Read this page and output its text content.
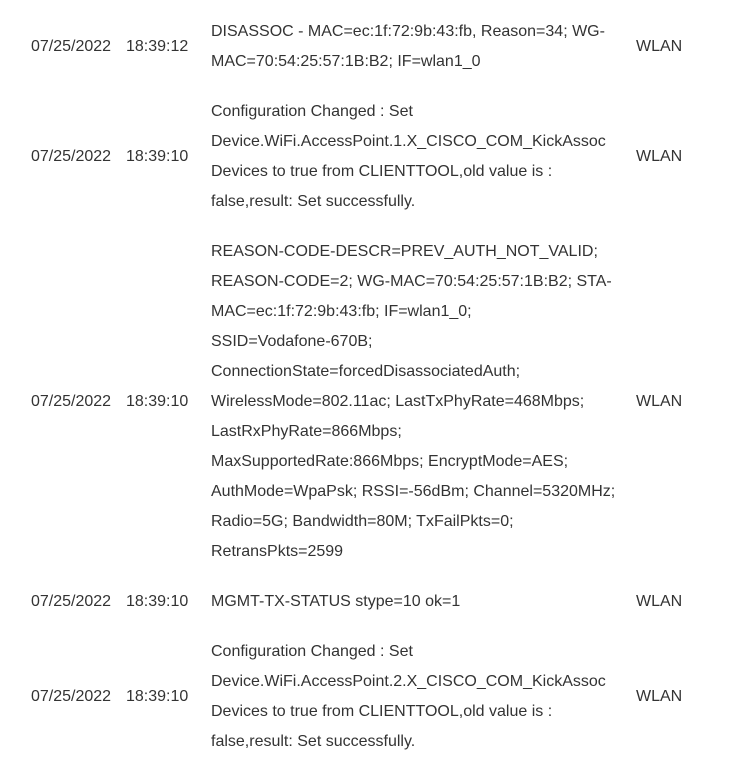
07/25/2022 18:39:12
DISASSOC - MAC=ec:1f:72:9b:43:fb, Reason=34; WG-
MAC=70:54:25:57:1B:B2; IF=wlan1_0
WLAN
07/25/2022 18:39:10
Configuration Changed : Set
Device.WiFi.AccessPoint.1.X_CISCO_COM_KickAssoc
Devices to true from CLIENTTOOL,old value is :
false,result: Set successfully.
WLAN
07/25/2022 18:39:10
REASON-CODE-DESCR=PREV_AUTH_NOT_VALID;
REASON-CODE=2; WG-MAC=70:54:25:57:1B:B2; STA-
MAC=ec:1f:72:9b:43:fb; IF=wlan1_0;
SSID=Vodafone-670B;
ConnectionState=forcedDisassociatedAuth;
WirelessMode=802.11ac; LastTxPhyRate=468Mbps;
LastRxPhyRate=866Mbps;
MaxSupportedRate:866Mbps; EncryptMode=AES;
AuthMode=WpaPsk; RSSI=-56dBm; Channel=5320MHz;
Radio=5G; Bandwidth=80M; TxFailPkts=0;
RetransPkts=2599
WLAN
07/25/2022 18:39:10	MGMT-TX-STATUS stype=10 ok=1	WLAN
07/25/2022 18:39:10
Configuration Changed : Set
Device.WiFi.AccessPoint.2.X_CISCO_COM_KickAssoc
Devices to true from CLIENTTOOL,old value is :
false,result: Set successfully.
WLAN
